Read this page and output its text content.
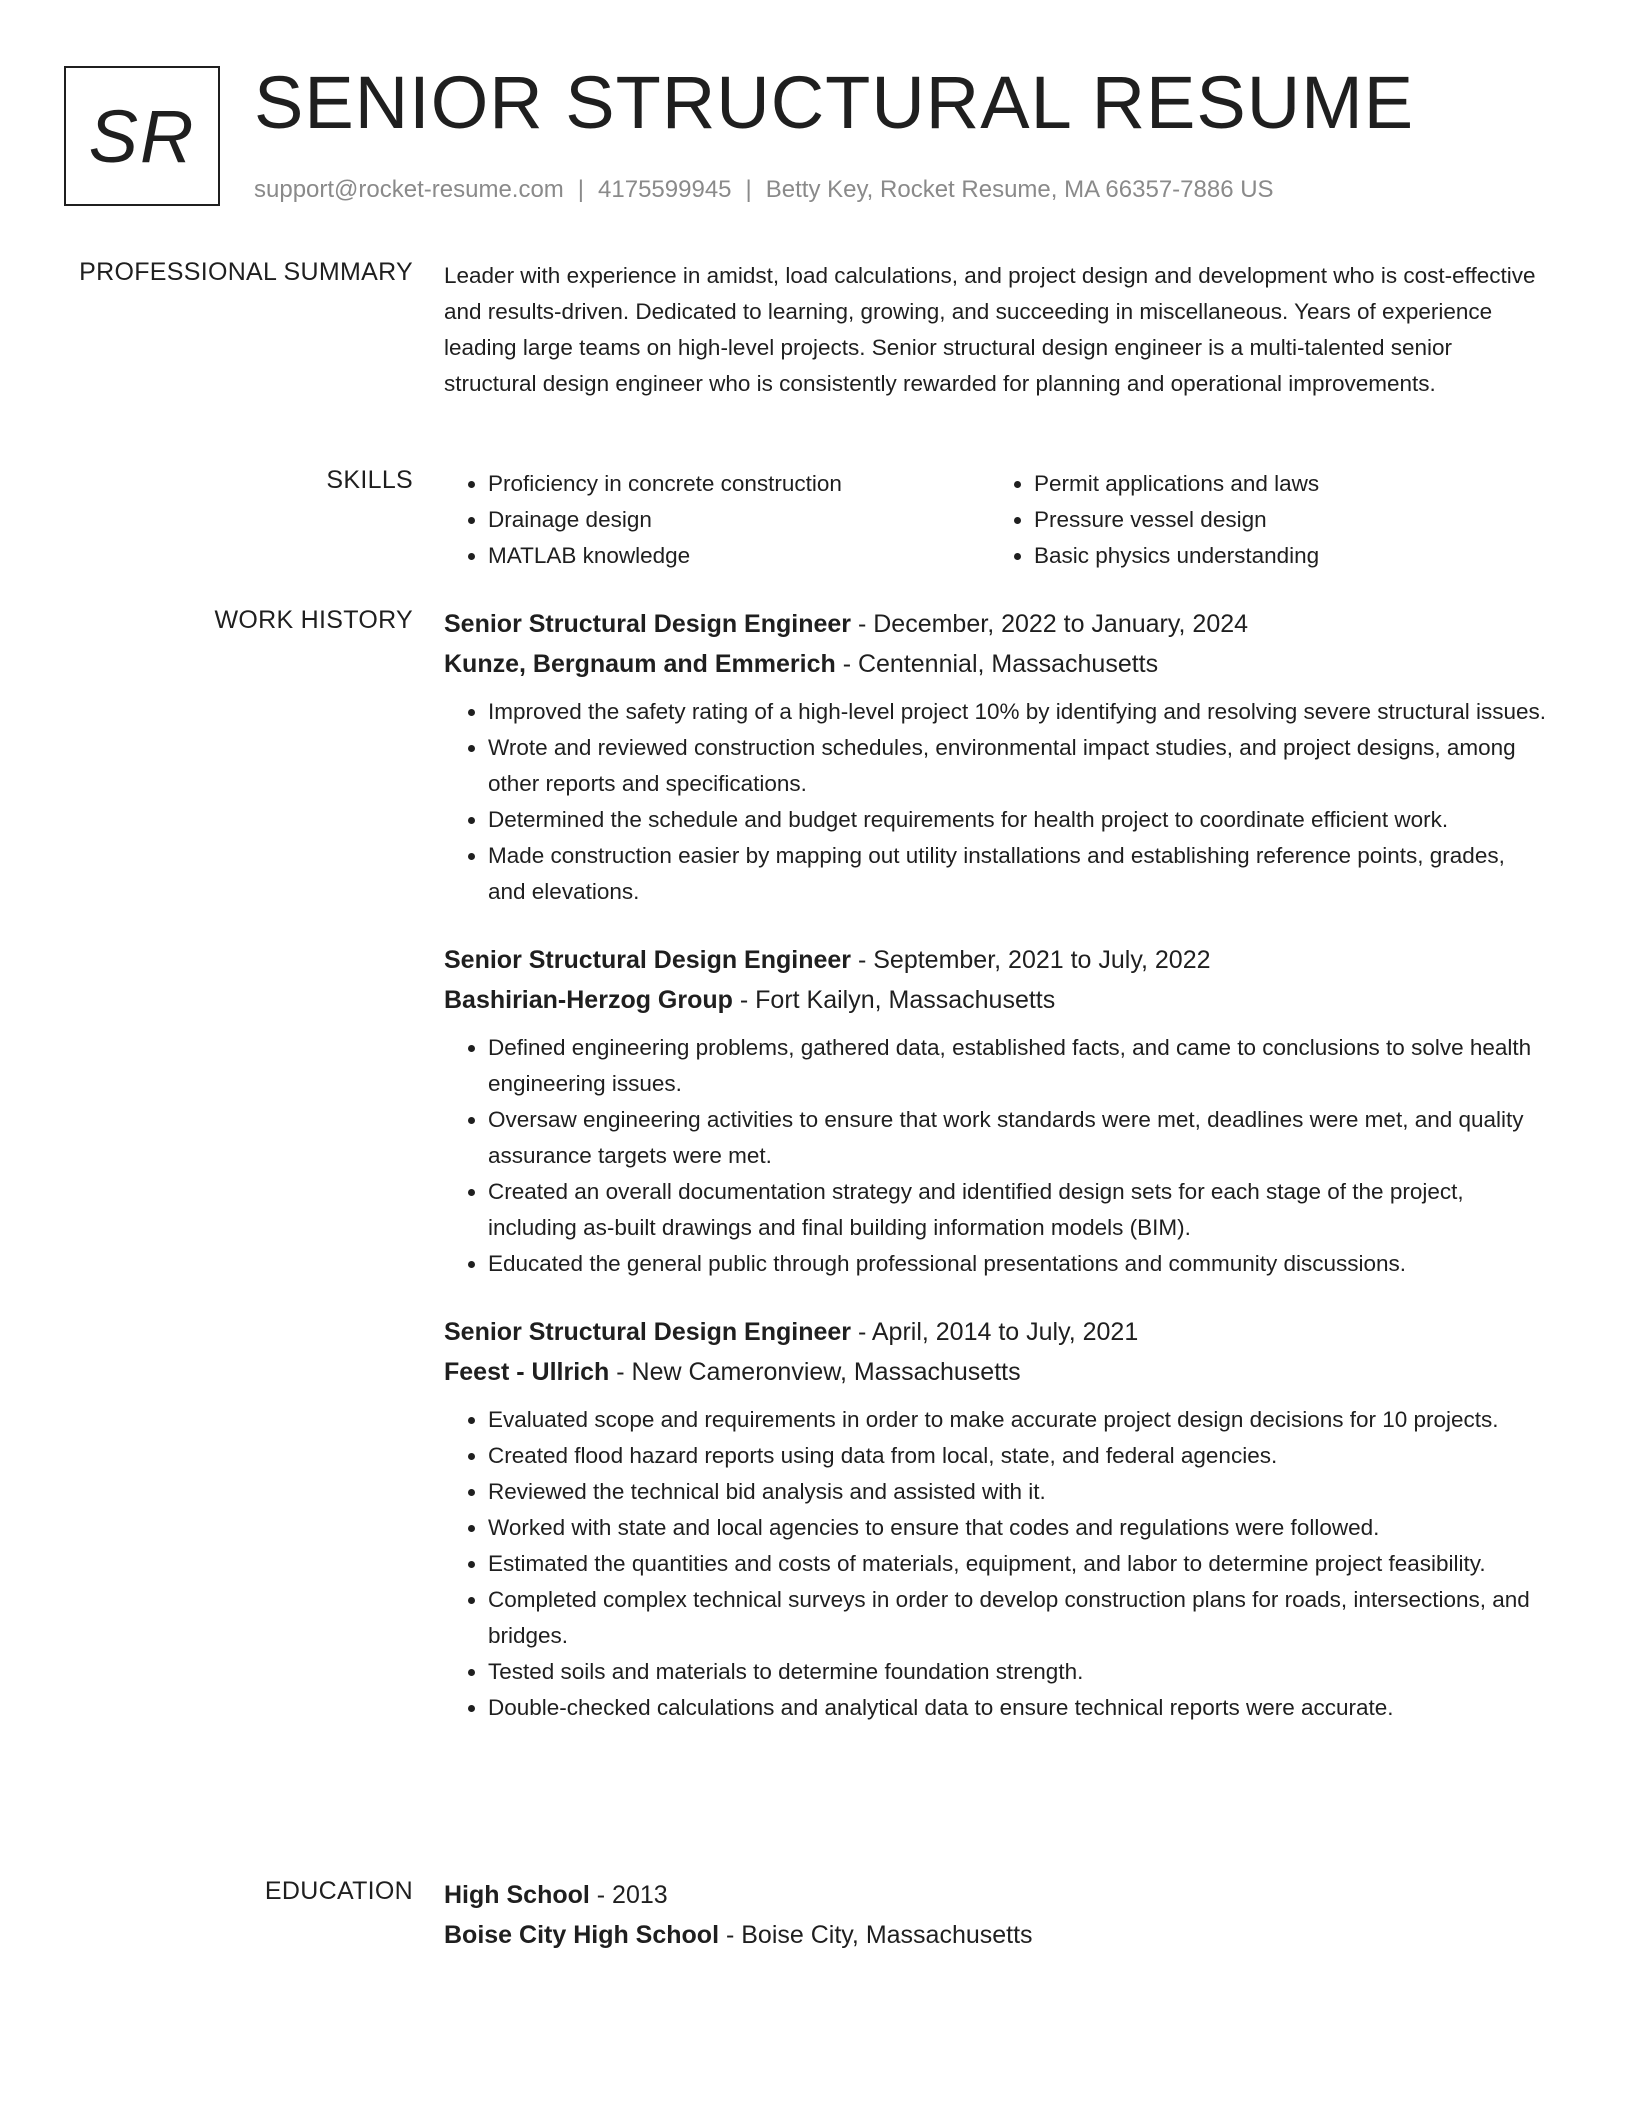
SR SENIOR STRUCTURAL RESUME
support@rocket-resume.com | 4175599945 | Betty Key, Rocket Resume, MA 66357-7886 US
PROFESSIONAL SUMMARY Leader with experience in amidst, load calculations, and project design and development who is cost-effective and results-driven. Dedicated to learning, growing, and succeeding in miscellaneous. Years of experience leading large teams on high-level projects. Senior structural design engineer is a multi-talented senior structural design engineer who is consistently rewarded for planning and operational improvements.

SKILLS
•	Proficiency in concrete construction
• Drainage design
• MATLAB knowledge
• Permit applications and laws
• Pressure vessel design
• Basic physics understanding
WORK HISTORY Senior Structural Design Engineer - December, 2022 to January, 2024
Kunze, Bergnaum and Emmerich - Centennial, Massachusetts
• Improved the safety rating of a high-level project 10% by identifying and resolving severe structural issues.
• Wrote and reviewed construction schedules, environmental impact studies, and project designs, among other reports and specifications.
• Determined the schedule and budget requirements for health project to coordinate efficient work.
• Made construction easier by mapping out utility installations and establishing reference points, grades, and elevations.
Senior Structural Design Engineer - September, 2021 to July, 2022
Bashirian-Herzog Group - Fort Kailyn, Massachusetts
• Defined engineering problems, gathered data, established facts, and came to conclusions to solve health engineering issues.
• Oversaw engineering activities to ensure that work standards were met, deadlines were met, and quality assurance targets were met.
• Created an overall documentation strategy and identified design sets for each stage of the project, including as-built drawings and final building information models (BIM).
• Educated the general public through professional presentations and community discussions.
Senior Structural Design Engineer - April, 2014 to July, 2021
Feest - Ullrich - New Cameronview, Massachusetts
• Evaluated scope and requirements in order to make accurate project design decisions for 10 projects.
• Created flood hazard reports using data from local, state, and federal agencies.
• Reviewed the technical bid analysis and assisted with it.
• Worked with state and local agencies to ensure that codes and regulations were followed.
• Estimated the quantities and costs of materials, equipment, and labor to determine project feasibility.
• Completed complex technical surveys in order to develop construction plans for roads, intersections, and bridges.
• Tested soils and materials to determine foundation strength.
• Double-checked calculations and analytical data to ensure technical reports were accurate.
EDUCATION High School - 2013
Boise City High School - Boise City, Massachusetts
